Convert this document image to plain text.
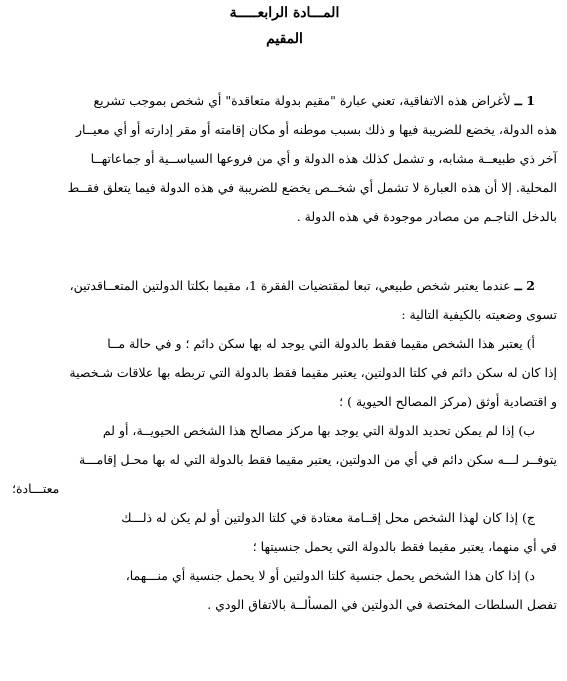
المـــادة الرابعـــــة
المقيم

1 ــ لأغراض هذه الاتفاقية، تعني عبارة "مقيم بدولة متعاقدة" أي شخص بموجب تشريع

هذه الدولة، يخضع للضريبة فيها و ذلك بسبب موطنه أو مكان إقامته أو مقر إدارته أو أي معيــار

آخر ذي طبيعــة مشابه، و تشمل كذلك هذه الدولة و أي من فروعها السياســية أو جماعاتهــا

المحلية. إلا أن هذه العبارة لا تشمل أي شخــص يخضع للضريبة في هذه الدولة فيما يتعلق فقــط

بالدخل الناجـم من مصادر موجودة في هذه الدولة .

2 ــ عندما يعتبر شخص طبيعي، تبعا لمقتضيات الفقرة 1، مقيما بكلتا الدولتين المتعــاقدتين،

تسوى وضعيته بالكيفية التالية :

أ) يعتبر هذا الشخص مقيما فقط بالدولة التي يوجد له بها سكن دائم ؛ و في حالة مــا

إذا كان له سكن دائم في كلتا الدولتين، يعتبر مقيما فقط بالدولة التي تربطه بها علاقات شـخصية

و اقتصادية أوثق (مركز المصالح الحيوية ) ؛

ب) إذا لم يمكن تحديد الدولة التي يوجد بها مركز مصالح هذا الشخص الحيويــة، أو لم

يتوفــر لـــه سكن دائم في أي من الدولتين، يعتبر مقيما فقط بالدولة التي له بها محـل إقامـــة

معتـــادة؛

ج) إذا كان لهذا الشخص محل إقــامة معتادة في كلتا الدولتين أو لم يكن له ذلـــك

في أي منهما، يعتبر مقيما فقط بالدولة التي يحمل جنسيتها ؛

د) إذا كان هذا الشخص يحمل جنسية كلتا الدولتين أو لا يحمل جنسية أي منـــهما،

تفصل السلطات المختصة في الدولتين في المسألــة بالاتفاق الودي .
